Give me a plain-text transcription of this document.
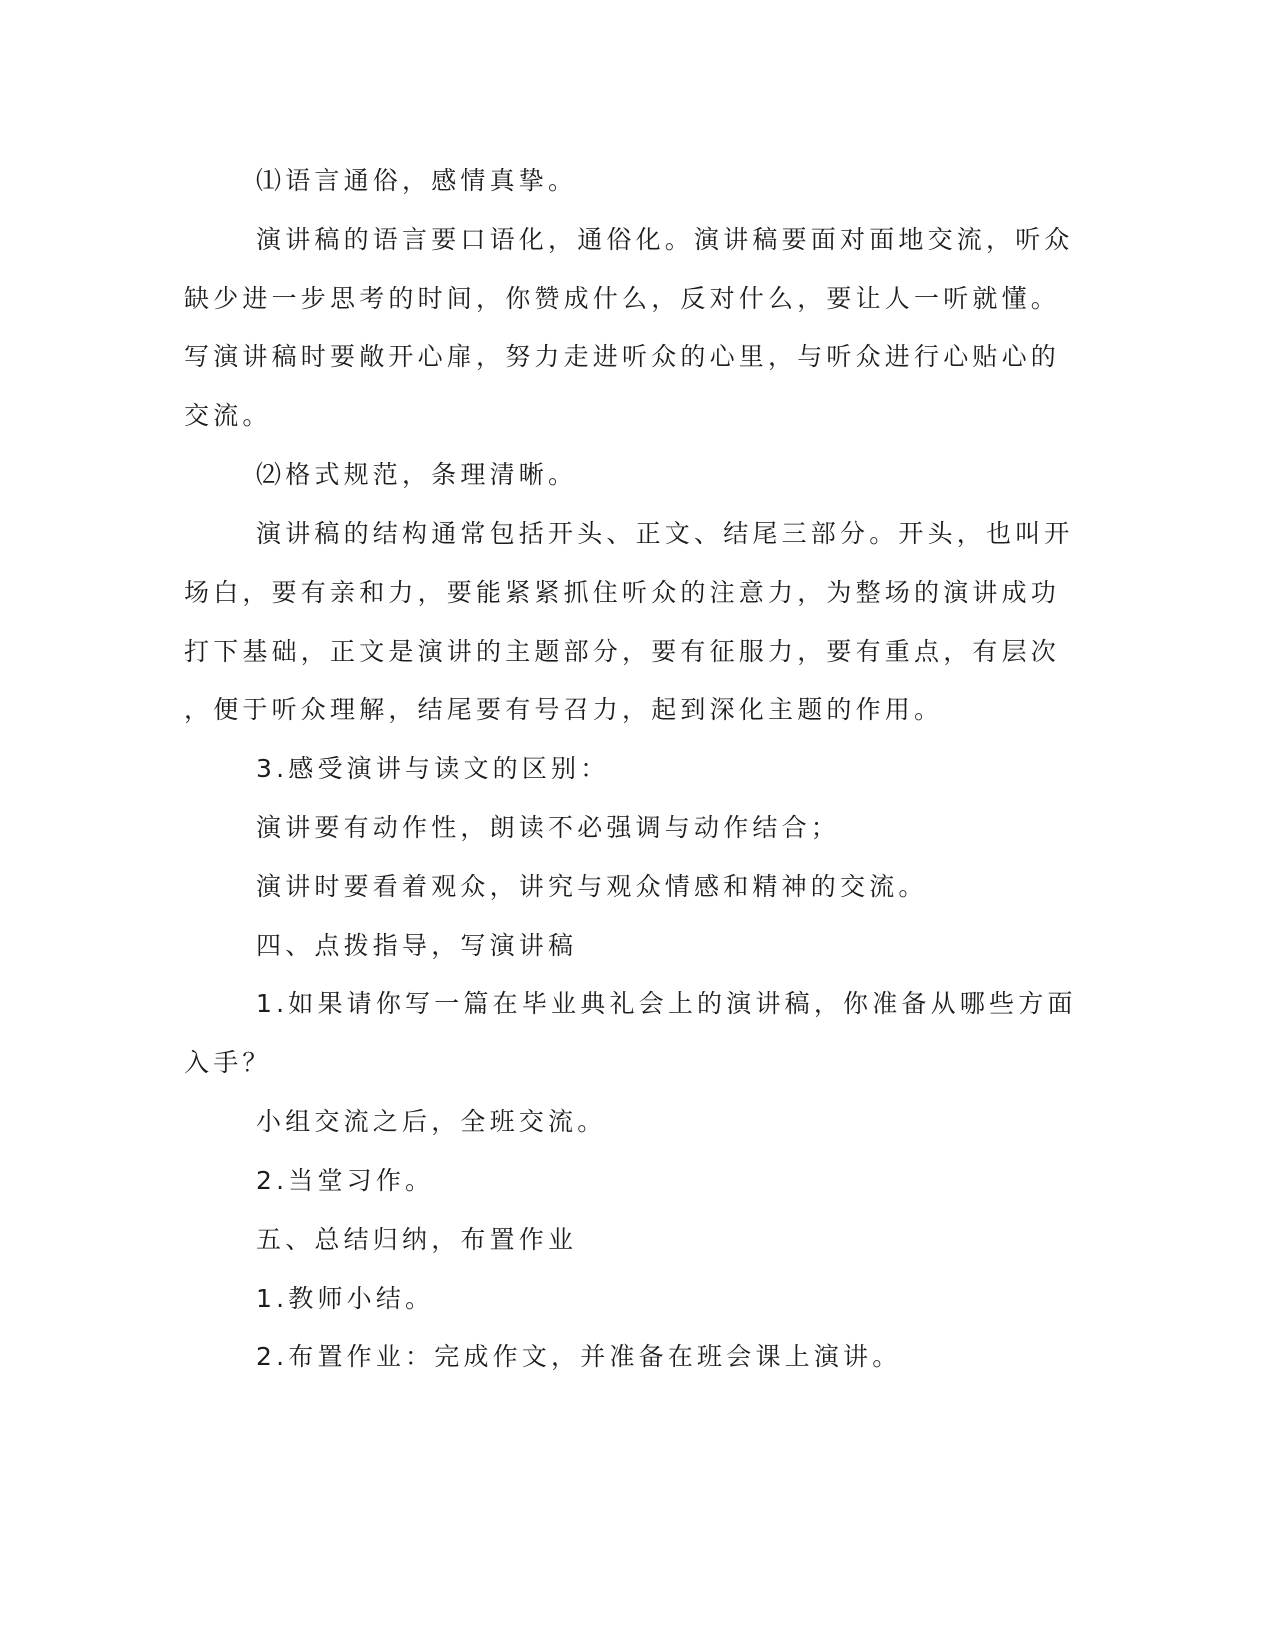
⑴语言通俗，感情真挚。
演讲稿的语言要口语化，通俗化。演讲稿要面对面地交流，听众
缺少进一步思考的时间，你赞成什么，反对什么，要让人一听就懂。
写演讲稿时要敞开心扉，努力走进听众的心里，与听众进行心贴心的
交流。
⑵格式规范，条理清晰。
演讲稿的结构通常包括开头、正文、结尾三部分。开头，也叫开
场白，要有亲和力，要能紧紧抓住听众的注意力，为整场的演讲成功
打下基础，正文是演讲的主题部分，要有征服力，要有重点，有层次
，便于听众理解，结尾要有号召力，起到深化主题的作用。
3.感受演讲与读文的区别：
演讲要有动作性，朗读不必强调与动作结合；
演讲时要看着观众，讲究与观众情感和精神的交流。
四、点拨指导，写演讲稿
1.如果请你写一篇在毕业典礼会上的演讲稿，你准备从哪些方面
入手？
小组交流之后，全班交流。
2.当堂习作。
五、总结归纳，布置作业
1.教师小结。
2.布置作业：完成作文，并准备在班会课上演讲。
